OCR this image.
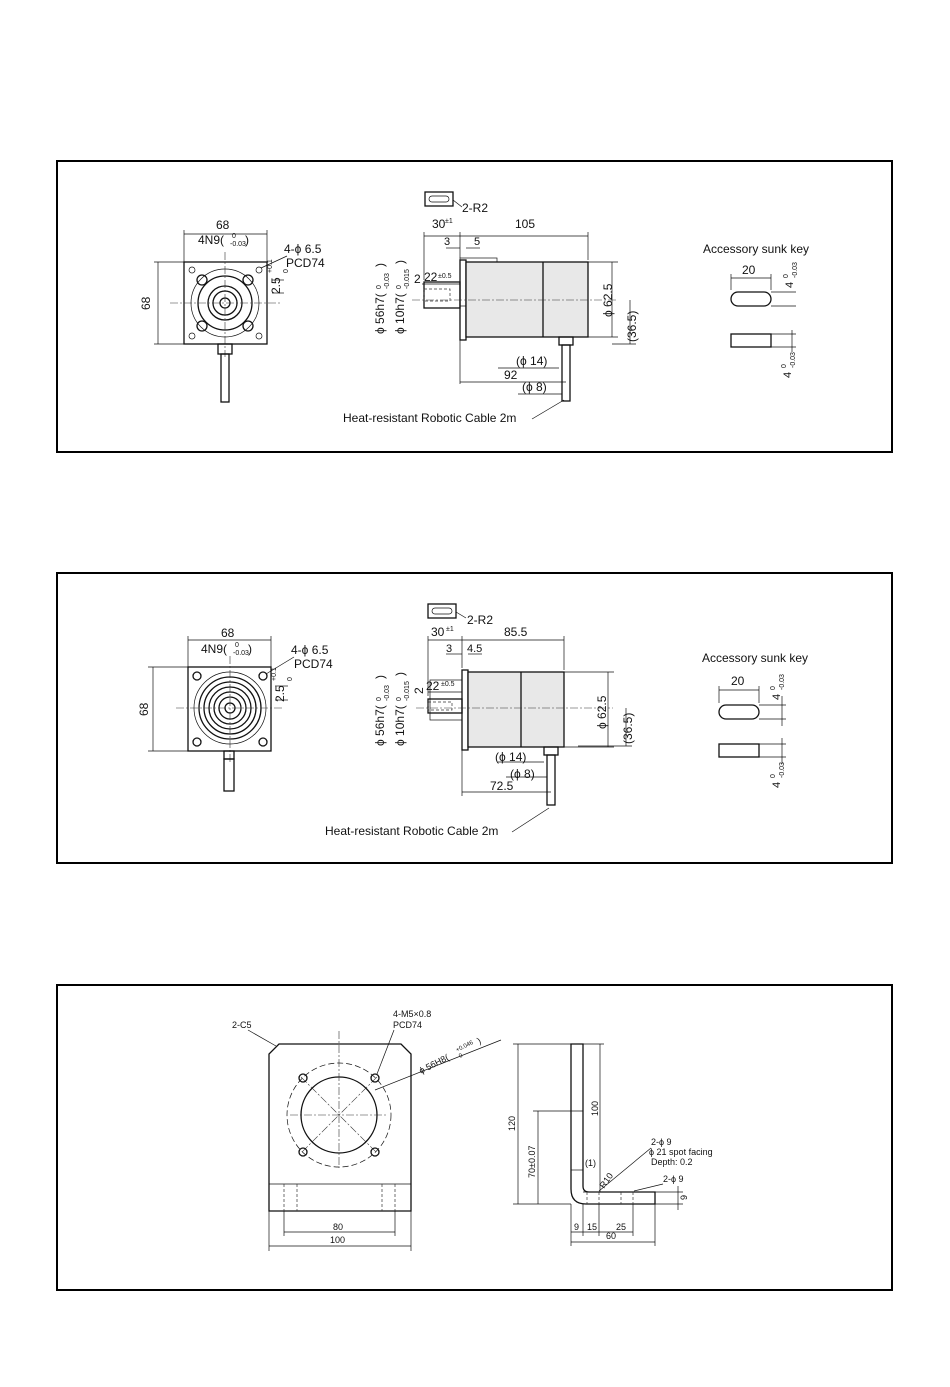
68
68
4N9( 0
-0.03 )
4-ϕ 6.5
PCD74
2.5
+0.1 0
2-R2
30 ±1	105
3 5
2 22 ±0.5
ϕ 56h7(
0 -0.03
)
ϕ 10h7(
0 -0.015
)
ϕ 62.5
(36.5)
(ϕ 14)
92
(ϕ 8)
Heat-resistant Robotic Cable 2m
Accessory sunk key
20
4
0 -0.03
4
0 -0.03
68
68
4N9( 0
-0.03 )	4-ϕ 6.5
PCD74
2.5
+0.1 0
2-R2
30 ±1	85.5
3 4.5
2 22 ±0.5
ϕ 56h7(
0 -0.03
)
ϕ 10h7(
0 -0.015
)
ϕ 62.5 (36.5)
(ϕ 14)
(ϕ 8)
72.5
Heat-resistant Robotic Cable 2m
Accessory sunk key
20
4
0 -0.03
4
0 -0.03
2-C5
4-M5×0.8
PCD74
ϕ 56H8(
+0.046
0
)
80
100
120
70±0.07
100
(1)
R10
2-ϕ 9
ϕ 21 spot facing
Depth: 0.2
2-ϕ 9
9
9 15 25
60
